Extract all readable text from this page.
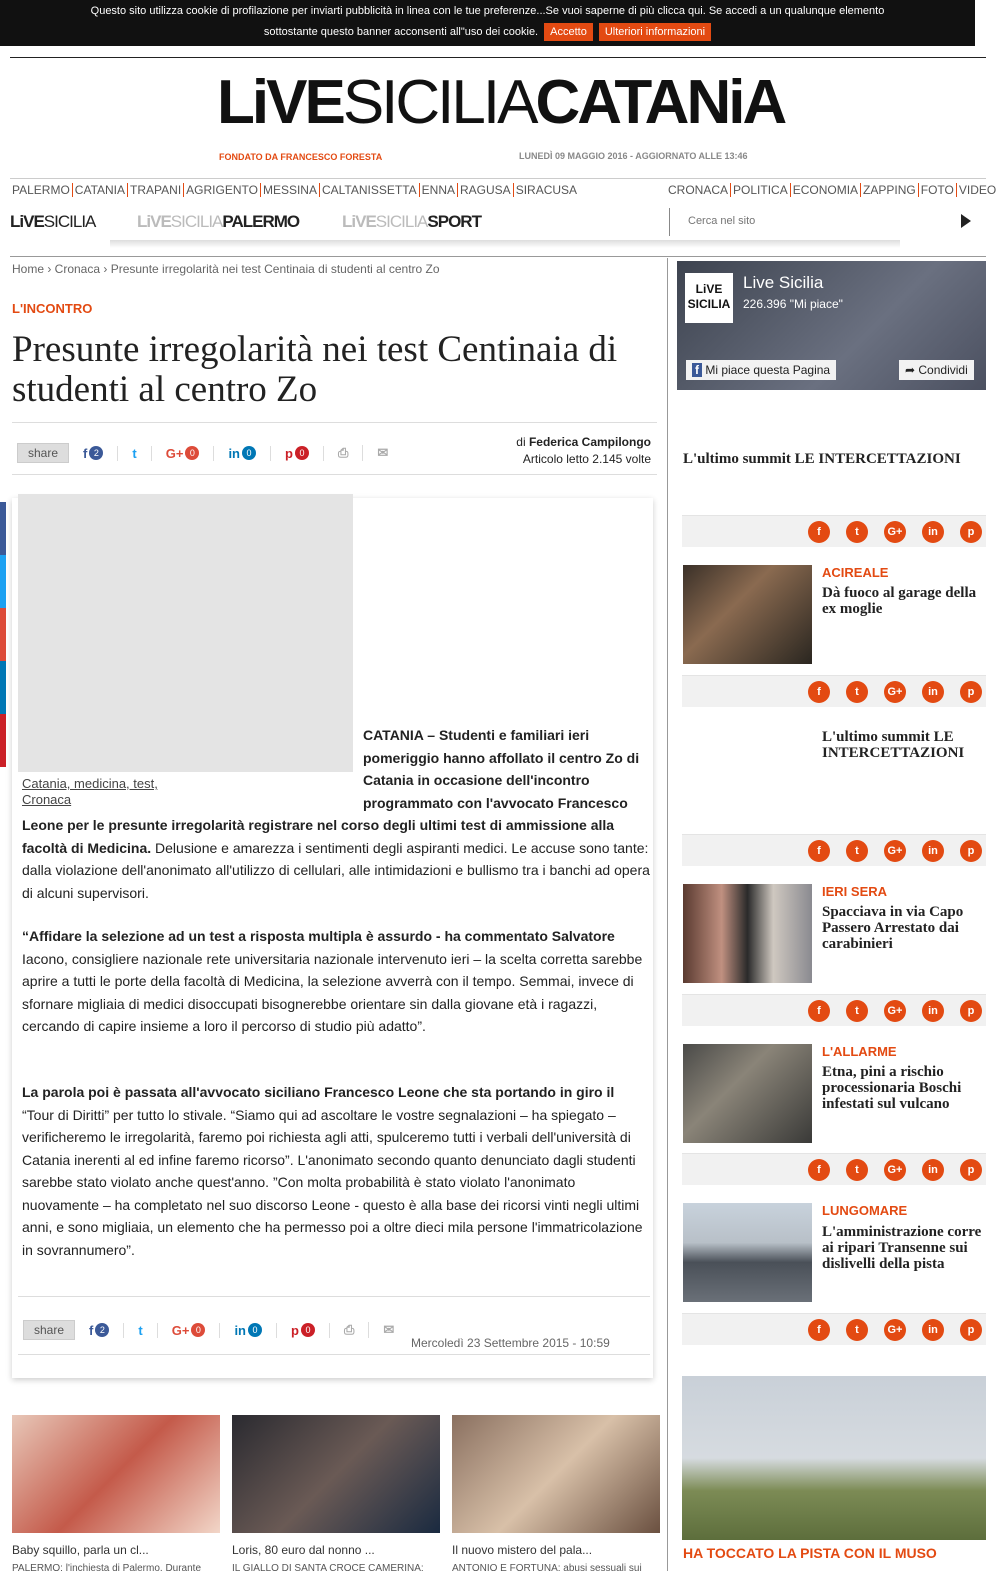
Questo sito utilizza cookie di profilazione per inviarti pubblicità in linea con le tue preferenze...Se vuoi saperne di più clicca qui. Se accedi a un qualunque elemento
sottostante questo banner acconsenti all"uso dei cookie. Accetto Ulteriori informazioni
LiVESICILIACATANiA
FONDATO DA FRANCESCO FORESTA	LUNEDÌ 09 MAGGIO 2016 - AGGIORNATO ALLE 13:46
PALERMO CATANIA TRAPANI AGRIGENTO MESSINA CALTANISSETTA ENNA RAGUSA SIRACUSA	CRONACA POLITICA ECONOMIA ZAPPING FOTO VIDEO
LiVESICILIA LiVESICILIAPALERMO	LiVESICILIASPORT
Cerca nel sito
Home › Cronaca › Presunte irregolarità nei test Centinaia di studenti al centro Zo
L'INCONTRO
Presunte irregolarità nei test Centinaia di studenti al centro Zo
share	f 2	t G+ 0	in 0	p 0	⎙	✉
di Federica Campilongo
Articolo letto 2.145 volte
Catania, medicina, test, Cronaca
CATANIA – Studenti e familiari ieri pomeriggio hanno affollato il centro Zo di Catania in occasione dell'incontro programmato con l'avvocato Francesco Leone per le presunte irregolarità registrare nel corso degli ultimi test di ammissione alla facoltà di Medicina. Delusione e amarezza i sentimenti degli aspiranti medici. Le accuse sono tante: dalla violazione dell'anonimato all'utilizzo di cellulari, alle intimidazioni e bullismo tra i banchi ad opera di alcuni supervisori.
“Affidare la selezione ad un test a risposta multipla è assurdo - ha commentato Salvatore Iacono, consigliere nazionale rete universitaria nazionale intervenuto ieri – la scelta corretta sarebbe aprire a tutti le porte della facoltà di Medicina, la selezione avverrà con il tempo. Semmai, invece di sfornare migliaia di medici disoccupati bisognerebbe orientare sin dalla giovane età i ragazzi, cercando di capire insieme a loro il percorso di studio più adatto”.
La parola poi è passata all'avvocato siciliano Francesco Leone che sta portando in giro il “Tour di Diritti” per tutto lo stivale. “Siamo qui ad ascoltare le vostre segnalazioni – ha spiegato – verificheremo le irregolarità, faremo poi richiesta agli atti, spulceremo tutti i verbali dell'università di Catania inerenti al ed infine faremo ricorso”. L'anonimato secondo quanto denunciato dagli studenti sarebbe stato violato anche quest'anno. ”Con molta probabilità è stato violato l'anonimato nuovamente – ha completato nel suo discorso Leone - questo è alla base dei ricorsi vinti negli ultimi anni, e sono migliaia, un elemento che ha permesso poi a oltre dieci mila persone l'immatricolazione in sovrannumero”.
share	f 2	t G+ 0	in 0	p 0	⎙	✉
Mercoledì 23 Settembre 2015 - 10:59
Baby squillo, parla un cl...
PALERMO: l'inchiesta di Palermo. Durante
Loris, 80 euro dal nonno ...
IL GIALLO DI SANTA CROCE CAMERINA:
Il nuovo mistero del pala...
ANTONIO E FORTUNA: abusi sessuali sui
LiVE
SICILIA
Live Sicilia
226.396 "Mi piace"
f Mi piace questa Pagina	➦ Condividi
L'ultimo summit LE INTERCETTAZIONI
f	t	G+	in	p
f	t	G+	in	p
f	t	G+	in	p
f	t	G+	in	p
f	t	G+	in	p
f	t	G+	in	p
ACIREALE
Dà fuoco al garage della ex moglie
L'ultimo summit LE INTERCETTAZIONI
IERI SERA
Spacciava in via Capo Passero Arrestato dai carabinieri
L'ALLARME
Etna, pini a rischio processionaria Boschi infestati sul vulcano
LUNGOMARE
L'amministrazione corre ai ripari Transenne sui dislivelli della pista
HA TOCCATO LA PISTA CON IL MUSO
